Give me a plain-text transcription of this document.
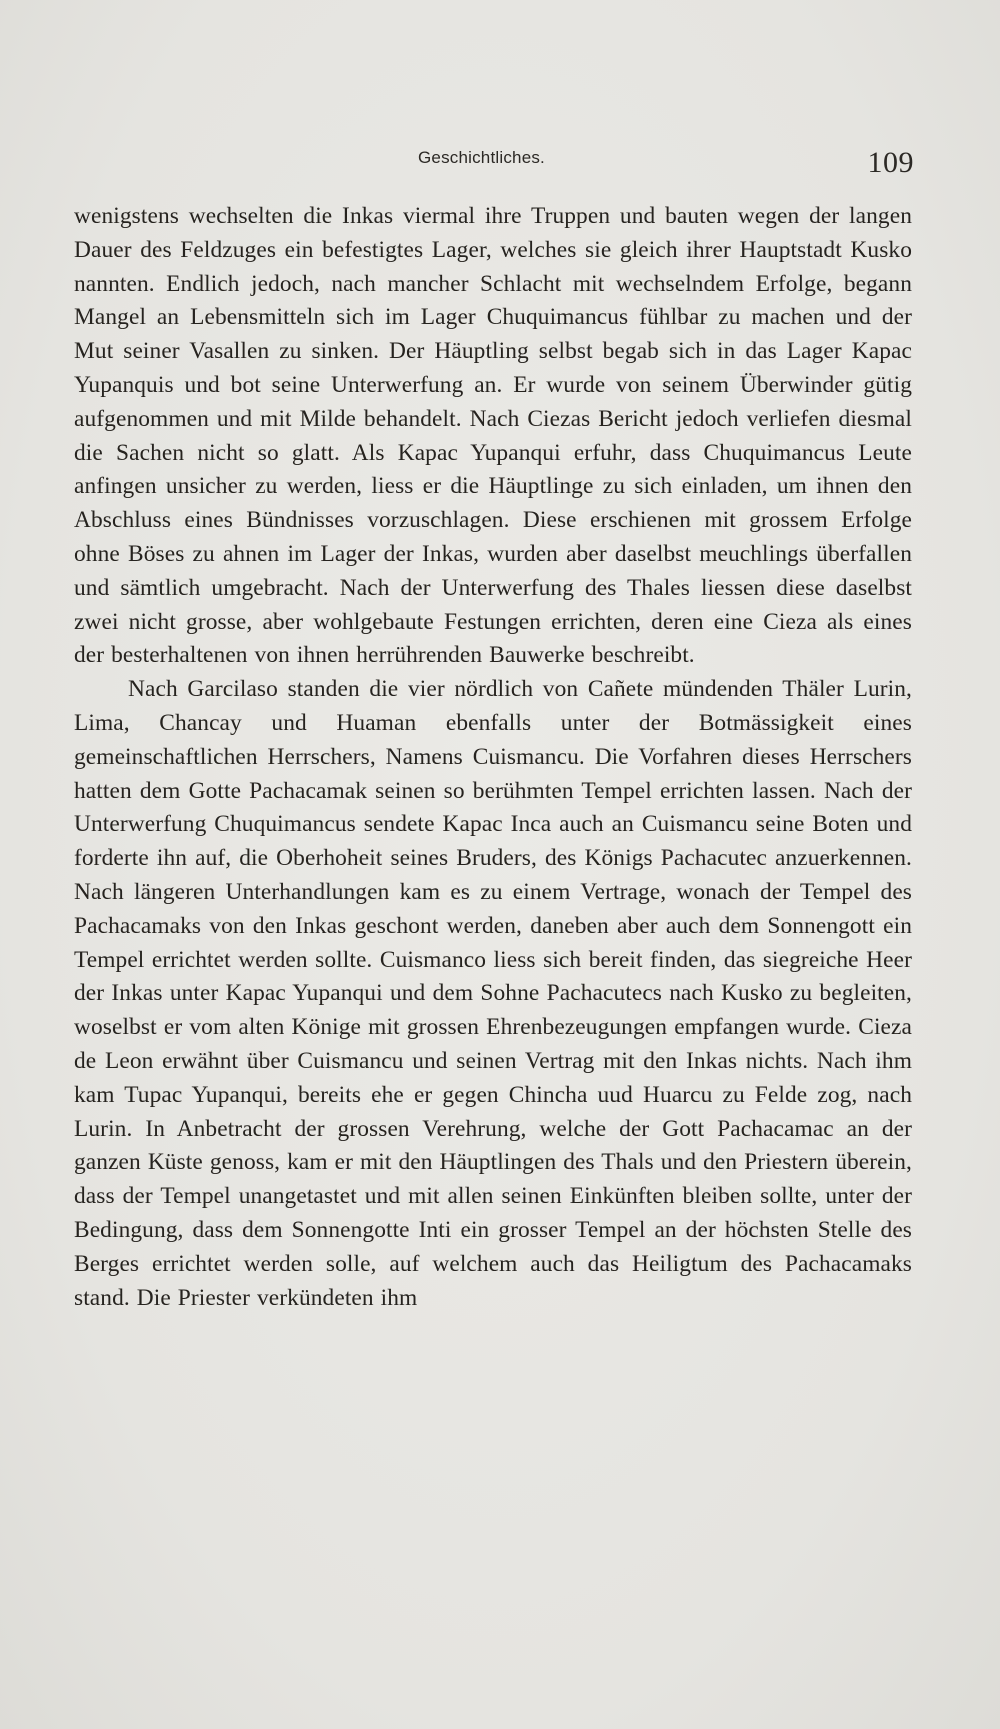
Geschichtliches.	109

wenigstens wechselten die Inkas viermal ihre Truppen und bauten wegen der langen Dauer des Feldzuges ein befestigtes Lager, welches sie gleich ihrer Hauptstadt Kusko nannten. Endlich jedoch, nach mancher Schlacht mit wechselndem Erfolge, begann Mangel an Lebensmitteln sich im Lager Chuquimancus fühlbar zu machen und der Mut seiner Vasallen zu sinken. Der Häuptling selbst begab sich in das Lager Kapac Yupanquis und bot seine Unterwerfung an. Er wurde von seinem Überwinder gütig aufgenommen und mit Milde behandelt. Nach Ciezas Bericht jedoch verliefen diesmal die Sachen nicht so glatt. Als Kapac Yupanqui erfuhr, dass Chuquimancus Leute anfingen unsicher zu werden, liess er die Häuptlinge zu sich einladen, um ihnen den Abschluss eines Bündnisses vorzuschlagen. Diese erschienen mit grossem Erfolge ohne Böses zu ahnen im Lager der Inkas, wurden aber daselbst meuchlings überfallen und sämtlich umgebracht. Nach der Unterwerfung des Thales liessen diese daselbst zwei nicht grosse, aber wohlgebaute Festungen errichten, deren eine Cieza als eines der besterhaltenen von ihnen herrührenden Bauwerke beschreibt.

Nach Garcilaso standen die vier nördlich von Cañete mündenden Thäler Lurin, Lima, Chancay und Huaman ebenfalls unter der Botmässigkeit eines gemeinschaftlichen Herrschers, Namens Cuismancu. Die Vorfahren dieses Herrschers hatten dem Gotte Pachacamak seinen so berühmten Tempel errichten lassen. Nach der Unterwerfung Chuquimancus sendete Kapac Inca auch an Cuismancu seine Boten und forderte ihn auf, die Oberhoheit seines Bruders, des Königs Pachacutec anzuerkennen. Nach längeren Unterhandlungen kam es zu einem Vertrage, wonach der Tempel des Pachacamaks von den Inkas geschont werden, daneben aber auch dem Sonnengott ein Tempel errichtet werden sollte. Cuismanco liess sich bereit finden, das siegreiche Heer der Inkas unter Kapac Yupanqui und dem Sohne Pachacutecs nach Kusko zu begleiten, woselbst er vom alten Könige mit grossen Ehrenbezeugungen empfangen wurde. Cieza de Leon erwähnt über Cuismancu und seinen Vertrag mit den Inkas nichts. Nach ihm kam Tupac Yupanqui, bereits ehe er gegen Chincha uud Huarcu zu Felde zog, nach Lurin. In Anbetracht der grossen Verehrung, welche der Gott Pachacamac an der ganzen Küste genoss, kam er mit den Häuptlingen des Thals und den Priestern überein, dass der Tempel unangetastet und mit allen seinen Einkünften bleiben sollte, unter der Bedingung, dass dem Sonnengotte Inti ein grosser Tempel an der höchsten Stelle des Berges errichtet werden solle, auf welchem auch das Heiligtum des Pachacamaks stand. Die Priester verkündeten ihm
